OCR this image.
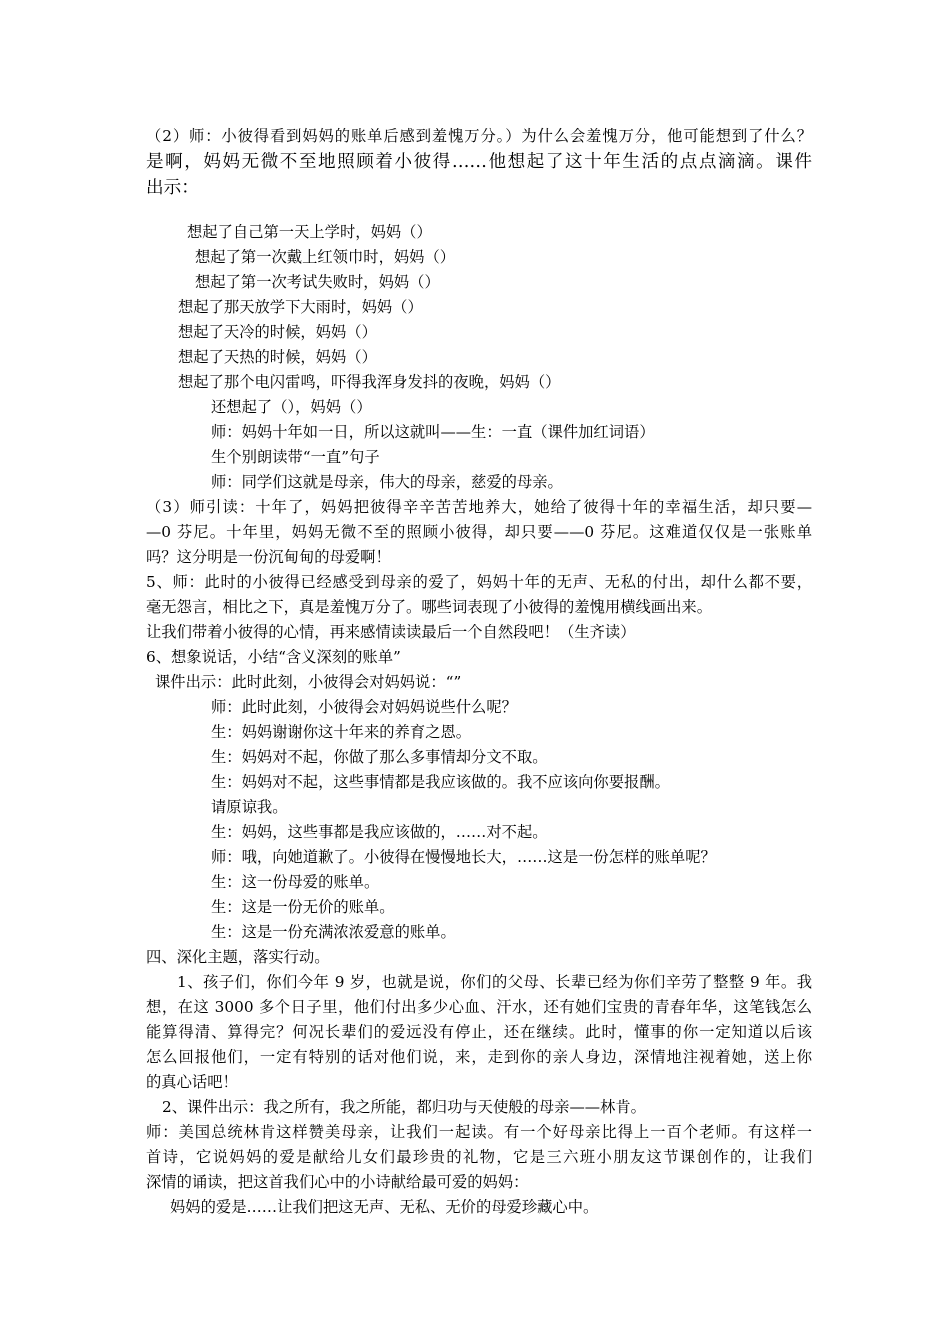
（2）师：小彼得看到妈妈的账单后感到羞愧万分。）为什么会羞愧万分，他可能想到了什么？
是啊，妈妈无微不至地照顾着小彼得……他想起了这十年生活的点点滴滴。课件
出示：
想起了自己第一天上学时，妈妈（）
想起了第一次戴上红领巾时，妈妈（）
想起了第一次考试失败时，妈妈（）
想起了那天放学下大雨时，妈妈（）
想起了天冷的时候，妈妈（）
想起了天热的时候，妈妈（）
想起了那个电闪雷鸣，吓得我浑身发抖的夜晚，妈妈（）
还想起了（），妈妈（）
师：妈妈十年如一日，所以这就叫——生：一直（课件加红词语）
生个别朗读带“一直”句子
师：同学们这就是母亲，伟大的母亲，慈爱的母亲。
（3）师引读：十年了，妈妈把彼得辛辛苦苦地养大，她给了彼得十年的幸福生活，却只要—
—0 芬尼。十年里，妈妈无微不至的照顾小彼得，却只要——0 芬尼。这难道仅仅是一张账单
吗？这分明是一份沉甸甸的母爱啊！
5、师：此时的小彼得已经感受到母亲的爱了，妈妈十年的无声、无私的付出，却什么都不要，
毫无怨言，相比之下，真是羞愧万分了。哪些词表现了小彼得的羞愧用横线画出来。
让我们带着小彼得的心情，再来感情读读最后一个自然段吧！（生齐读）
6、想象说话，小结“含义深刻的账单”
课件出示：此时此刻，小彼得会对妈妈说：“”
师：此时此刻，小彼得会对妈妈说些什么呢？
生：妈妈谢谢你这十年来的养育之恩。
生：妈妈对不起，你做了那么多事情却分文不取。
生：妈妈对不起，这些事情都是我应该做的。我不应该向你要报酬。
请原谅我。
生：妈妈，这些事都是我应该做的，……对不起。
师：哦，向她道歉了。小彼得在慢慢地长大，……这是一份怎样的账单呢？
生：这一份母爱的账单。
生：这是一份无价的账单。
生：这是一份充满浓浓爱意的账单。
四、深化主题，落实行动。
1、孩子们，你们今年 9 岁，也就是说，你们的父母、长辈已经为你们辛劳了整整 9 年。我
想，在这 3000 多个日子里，他们付出多少心血、汗水，还有她们宝贵的青春年华，这笔钱怎么
能算得清、算得完？何况长辈们的爱远没有停止，还在继续。此时，懂事的你一定知道以后该
怎么回报他们，一定有特别的话对他们说，来，走到你的亲人身边，深情地注视着她，送上你
的真心话吧！
2、课件出示：我之所有，我之所能，都归功与天使般的母亲——林肯。
师：美国总统林肯这样赞美母亲，让我们一起读。有一个好母亲比得上一百个老师。有这样一
首诗，它说妈妈的爱是献给儿女们最珍贵的礼物，它是三六班小朋友这节课创作的，让我们
深情的诵读，把这首我们心中的小诗献给最可爱的妈妈：
妈妈的爱是……让我们把这无声、无私、无价的母爱珍藏心中。
